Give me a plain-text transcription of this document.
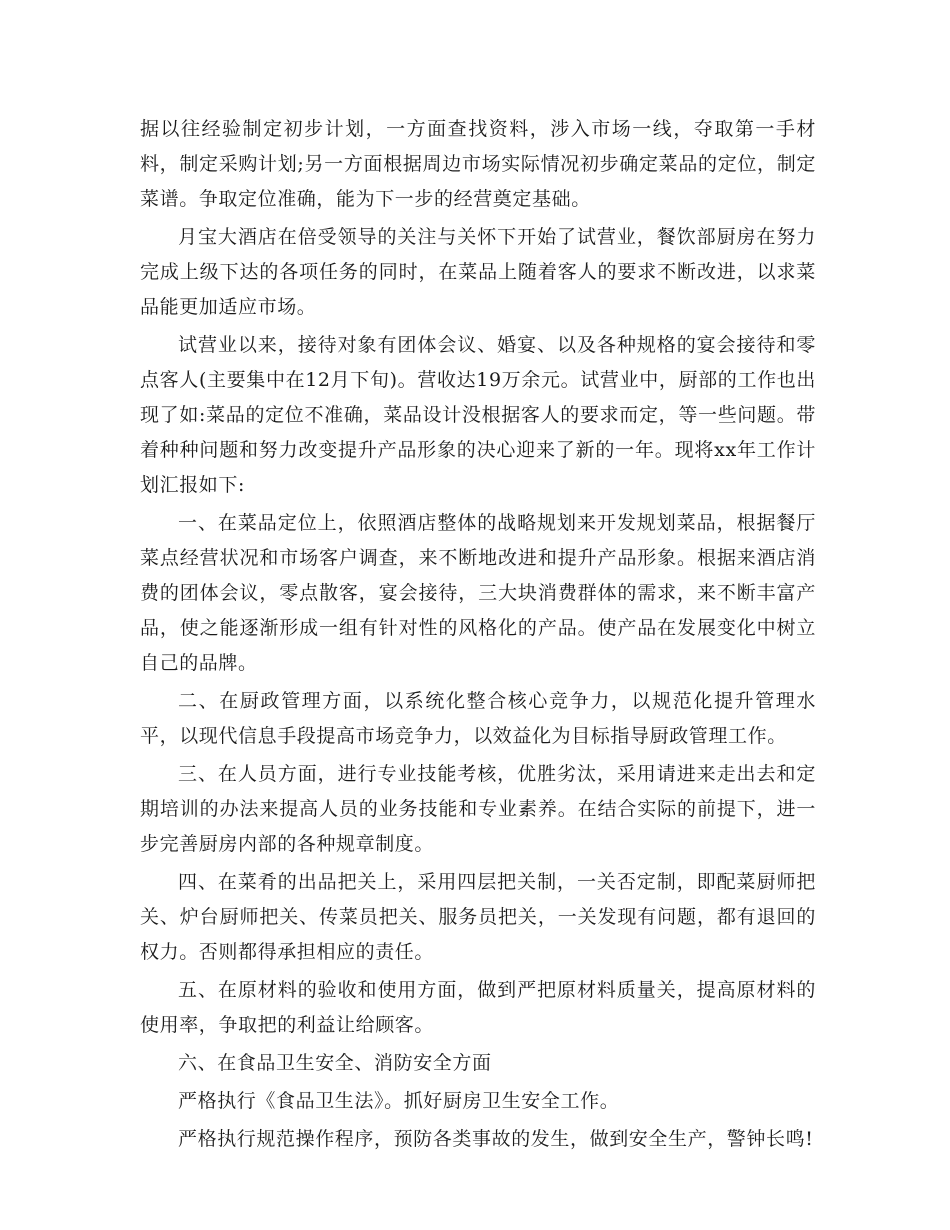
据以往经验制定初步计划，一方面查找资料，涉入市场一线，夺取第一手材料，制定采购计划;另一方面根据周边市场实际情况初步确定菜品的定位，制定菜谱。争取定位准确，能为下一步的经营奠定基础。

月宝大酒店在倍受领导的关注与关怀下开始了试营业，餐饮部厨房在努力完成上级下达的各项任务的同时，在菜品上随着客人的要求不断改进，以求菜品能更加适应市场。

试营业以来，接待对象有团体会议、婚宴、以及各种规格的宴会接待和零点客人(主要集中在12月下旬)。营收达19万余元。试营业中，厨部的工作也出现了如:菜品的定位不准确，菜品设计没根据客人的要求而定，等一些问题。带着种种问题和努力改变提升产品形象的决心迎来了新的一年。现将xx年工作计划汇报如下:

一、在菜品定位上，依照酒店整体的战略规划来开发规划菜品，根据餐厅菜点经营状况和市场客户调查，来不断地改进和提升产品形象。根据来酒店消费的团体会议，零点散客，宴会接待，三大块消费群体的需求，来不断丰富产品，使之能逐渐形成一组有针对性的风格化的产品。使产品在发展变化中树立自己的品牌。

二、在厨政管理方面，以系统化整合核心竞争力，以规范化提升管理水平，以现代信息手段提高市场竞争力，以效益化为目标指导厨政管理工作。

三、在人员方面，进行专业技能考核，优胜劣汰，采用请进来走出去和定期培训的办法来提高人员的业务技能和专业素养。在结合实际的前提下，进一步完善厨房内部的各种规章制度。

四、在菜肴的出品把关上，采用四层把关制，一关否定制，即配菜厨师把关、炉台厨师把关、传菜员把关、服务员把关，一关发现有问题，都有退回的权力。否则都得承担相应的责任。

五、在原材料的验收和使用方面，做到严把原材料质量关，提高原材料的使用率，争取把的利益让给顾客。

六、在食品卫生安全、消防安全方面

严格执行《食品卫生法》。抓好厨房卫生安全工作。

严格执行规范操作程序，预防各类事故的发生，做到安全生产，警钟长鸣!
